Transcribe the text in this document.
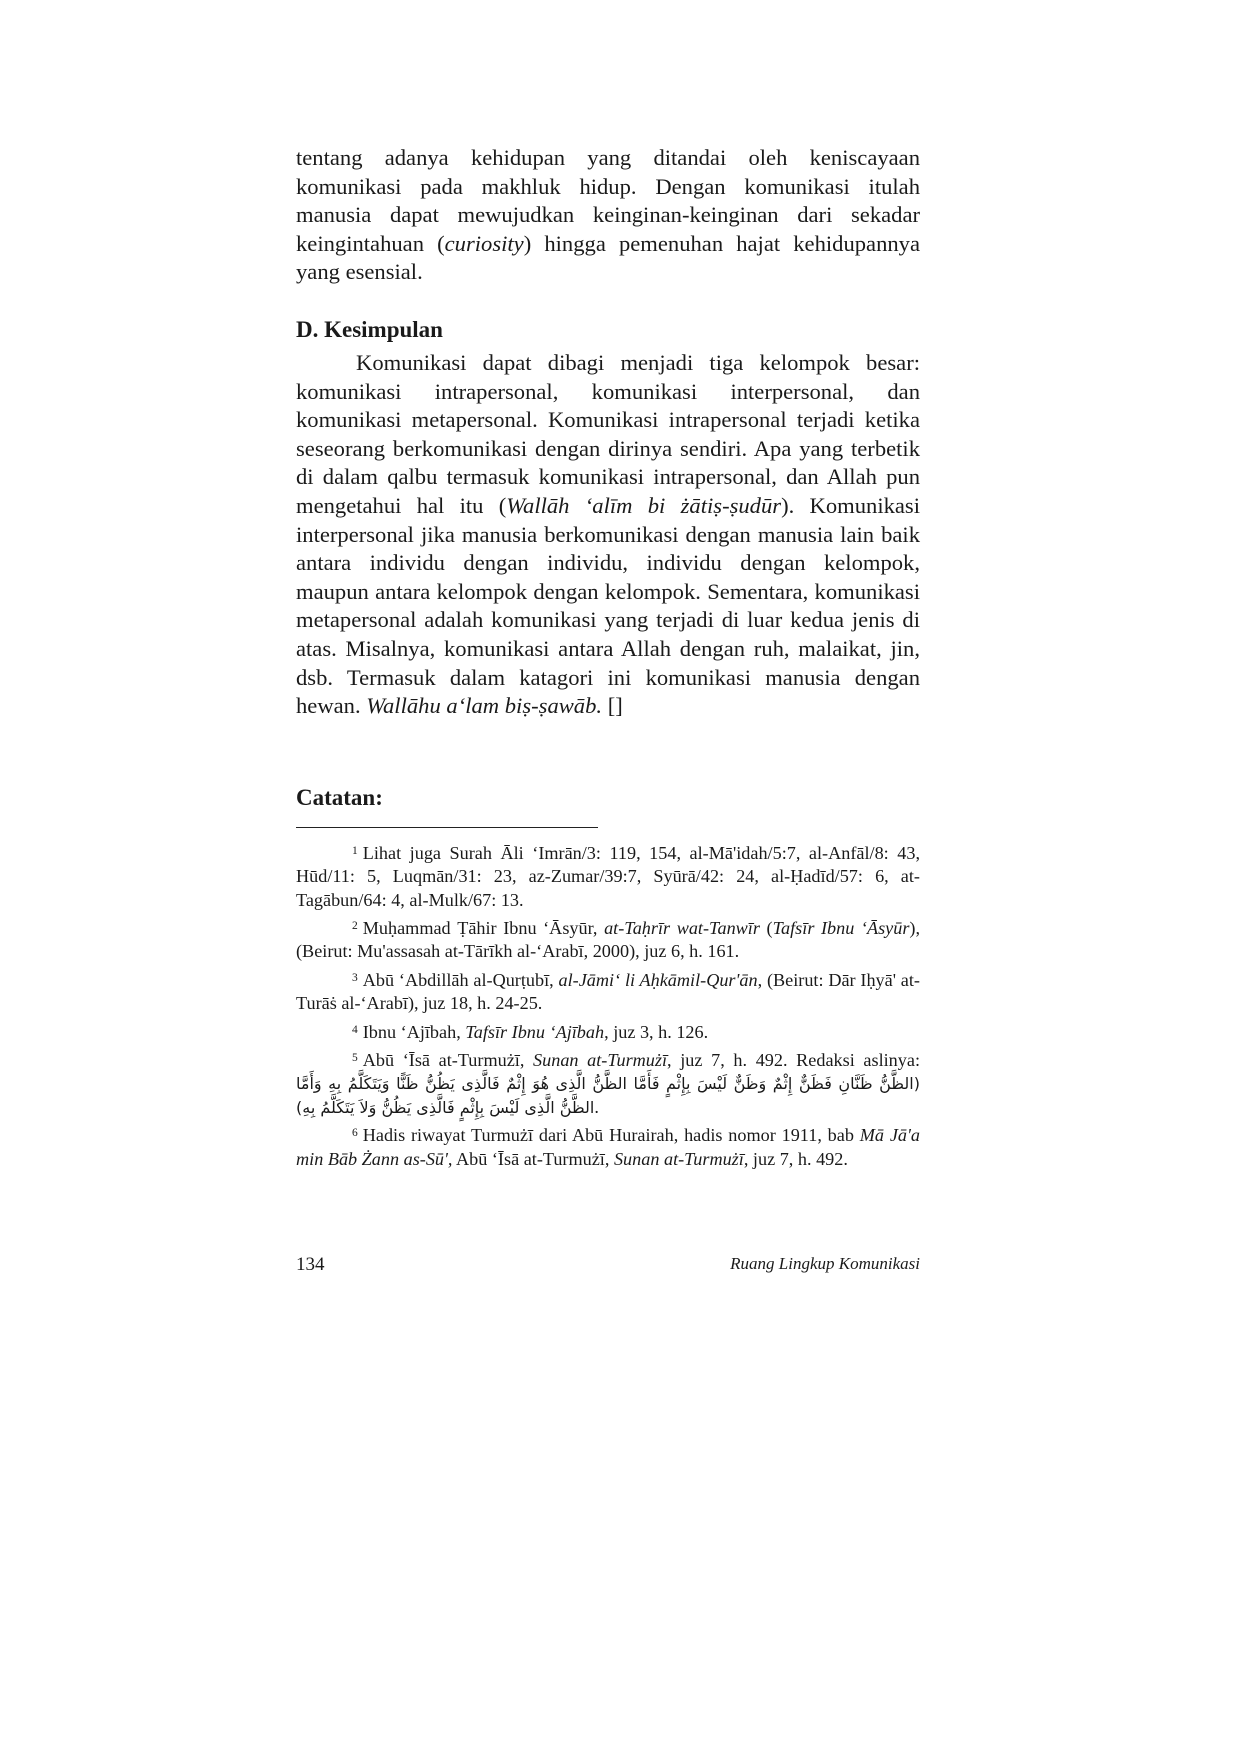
tentang adanya kehidupan yang ditandai oleh keniscayaan komunikasi pada makhluk hidup. Dengan komunikasi itulah manusia dapat mewujudkan keinginan-keinginan dari sekadar keingintahuan (curiosity) hingga pemenuhan hajat kehidupannya yang esensial.

D. Kesimpulan

Komunikasi dapat dibagi menjadi tiga kelompok besar: komunikasi intrapersonal, komunikasi interpersonal, dan komunikasi metapersonal. Komunikasi intrapersonal terjadi ketika seseorang berkomunikasi dengan dirinya sendiri. Apa yang terbetik di dalam qalbu termasuk komunikasi intrapersonal, dan Allah pun mengetahui hal itu (Wallāh ‘alīm bi żātiṣ-ṣudūr). Komunikasi interpersonal jika manusia berkomunikasi dengan manusia lain baik antara individu dengan individu, individu dengan kelompok, maupun antara kelompok dengan kelompok. Sementara, komunikasi metapersonal adalah komunikasi yang terjadi di luar kedua jenis di atas. Misalnya, komunikasi antara Allah dengan ruh, malaikat, jin, dsb. Termasuk dalam katagori ini komunikasi manusia dengan hewan. Wallāhu a‘lam biṣ-ṣawāb. []

Catatan:

$^1$ Lihat juga Surah Āli ‘Imrān/3: 119, 154, al-Mā'idah/5:7, al-Anfāl/8: 43, Hūd/11: 5, Luqmān/31: 23, az-Zumar/39:7, Syūrā/42: 24, al-Ḥadīd/57: 6, at-Tagābun/64: 4, al-Mulk/67: 13.

$^2$ Muḥammad Ṭāhir Ibnu ‘Āsyūr, at-Taḥrīr wat-Tanwīr (Tafsīr Ibnu ‘Āsyūr), (Beirut: Mu'assasah at-Tārīkh al-‘Arabī, 2000), juz 6, h. 161.

$^3$ Abū ‘Abdillāh al-Qurṭubī, al-Jāmi‘ li Aḥkāmil-Qur'ān, (Beirut: Dār Iḥyā' at-Turāṡ al-‘Arabī), juz 18, h. 24-25.

$^4$ Ibnu ‘Ajībah, Tafsīr Ibnu ‘Ajībah, juz 3, h. 126.

$^5$ Abū ‘Īsā at-Turmużī, Sunan at-Turmużī, juz 7, h. 492. Redaksi aslinya: (الظَّنُّ ظَنَّانِ فَظَنٌّ إِثْمٌ وَظَنٌّ لَيْسَ بِإِثْمٍ فَأَمَّا الظَّنُّ الَّذِى هُوَ إِثْمٌ فَالَّذِى يَظُنُّ ظَنًّا وَيَتَكَلَّمُ بِهِ وَأَمَّا الظَّنُّ الَّذِى لَيْسَ بِإِثْمٍ فَالَّذِى يَظُنُّ وَلاَ يَتَكَلَّمُ بِهِ).

$^6$ Hadis riwayat Turmużī dari Abū Hurairah, hadis nomor 1911, bab Mā Jā'a min Bāb Żann as-Sū', Abū ‘Īsā at-Turmużī, Sunan at-Turmużī, juz 7, h. 492.

134	Ruang Lingkup Komunikasi
